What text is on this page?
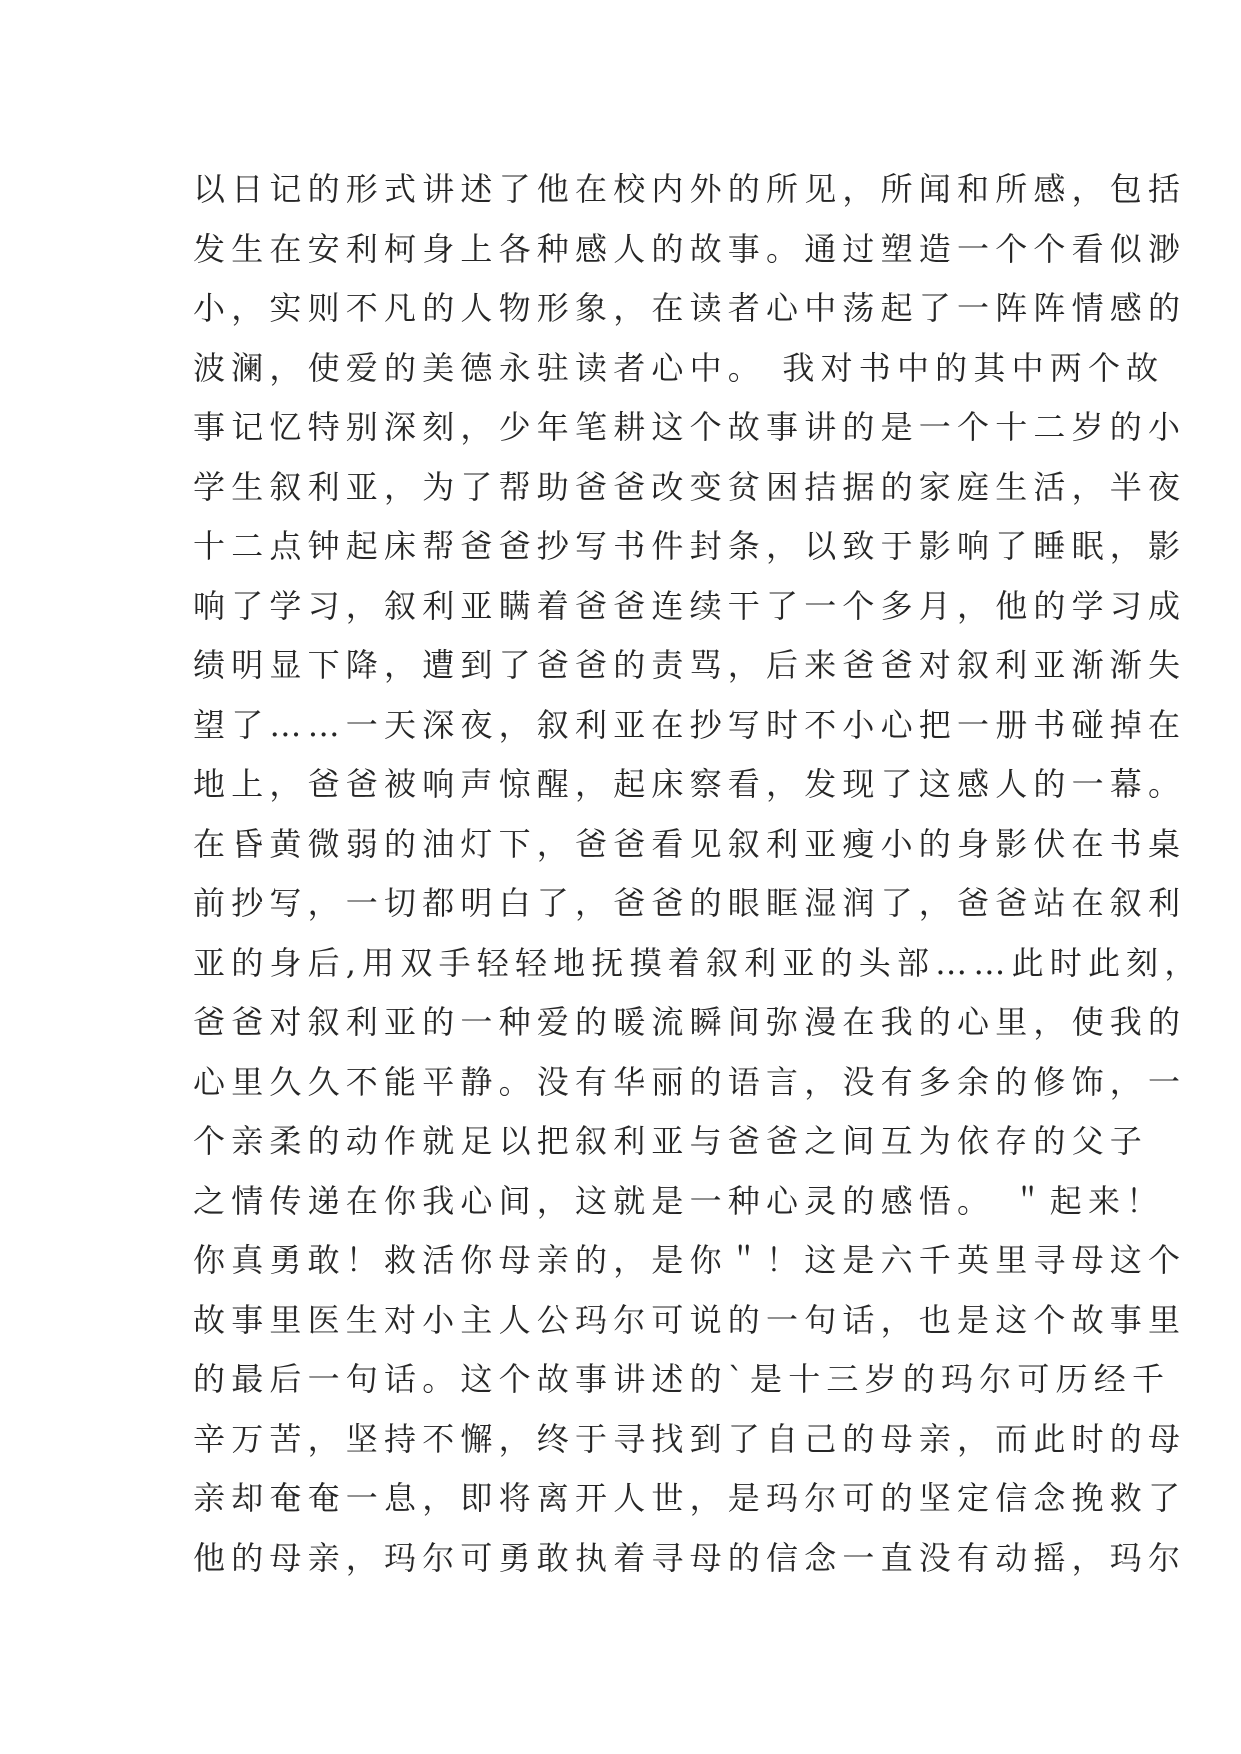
以日记的形式讲述了他在校内外的所见，所闻和所感，包括
发生在安利柯身上各种感人的故事。通过塑造一个个看似渺
小，实则不凡的人物形象，在读者心中荡起了一阵阵情感的
波澜，使爱的美德永驻读者心中。 我对书中的其中两个故
事记忆特别深刻，少年笔耕这个故事讲的是一个十二岁的小
学生叙利亚，为了帮助爸爸改变贫困拮据的家庭生活，半夜
十二点钟起床帮爸爸抄写书件封条，以致于影响了睡眠，影
响了学习，叙利亚瞒着爸爸连续干了一个多月，他的学习成
绩明显下降，遭到了爸爸的责骂，后来爸爸对叙利亚渐渐失
望了……一天深夜，叙利亚在抄写时不小心把一册书碰掉在
地上，爸爸被响声惊醒，起床察看，发现了这感人的一幕。
在昏黄微弱的油灯下，爸爸看见叙利亚瘦小的身影伏在书桌
前抄写，一切都明白了，爸爸的眼眶湿润了，爸爸站在叙利
亚的身后,用双手轻轻地抚摸着叙利亚的头部……此时此刻，
爸爸对叙利亚的一种爱的暖流瞬间弥漫在我的心里，使我的
心里久久不能平静。没有华丽的语言，没有多余的修饰，一
个亲柔的动作就足以把叙利亚与爸爸之间互为依存的父子
之情传递在你我心间，这就是一种心灵的感悟。 ＂起来！
你真勇敢！救活你母亲的，是你＂！这是六千英里寻母这个
故事里医生对小主人公玛尔可说的一句话，也是这个故事里
的最后一句话。这个故事讲述的`是十三岁的玛尔可历经千
辛万苦，坚持不懈，终于寻找到了自己的母亲，而此时的母
亲却奄奄一息，即将离开人世，是玛尔可的坚定信念挽救了
他的母亲，玛尔可勇敢执着寻母的信念一直没有动摇，玛尔
